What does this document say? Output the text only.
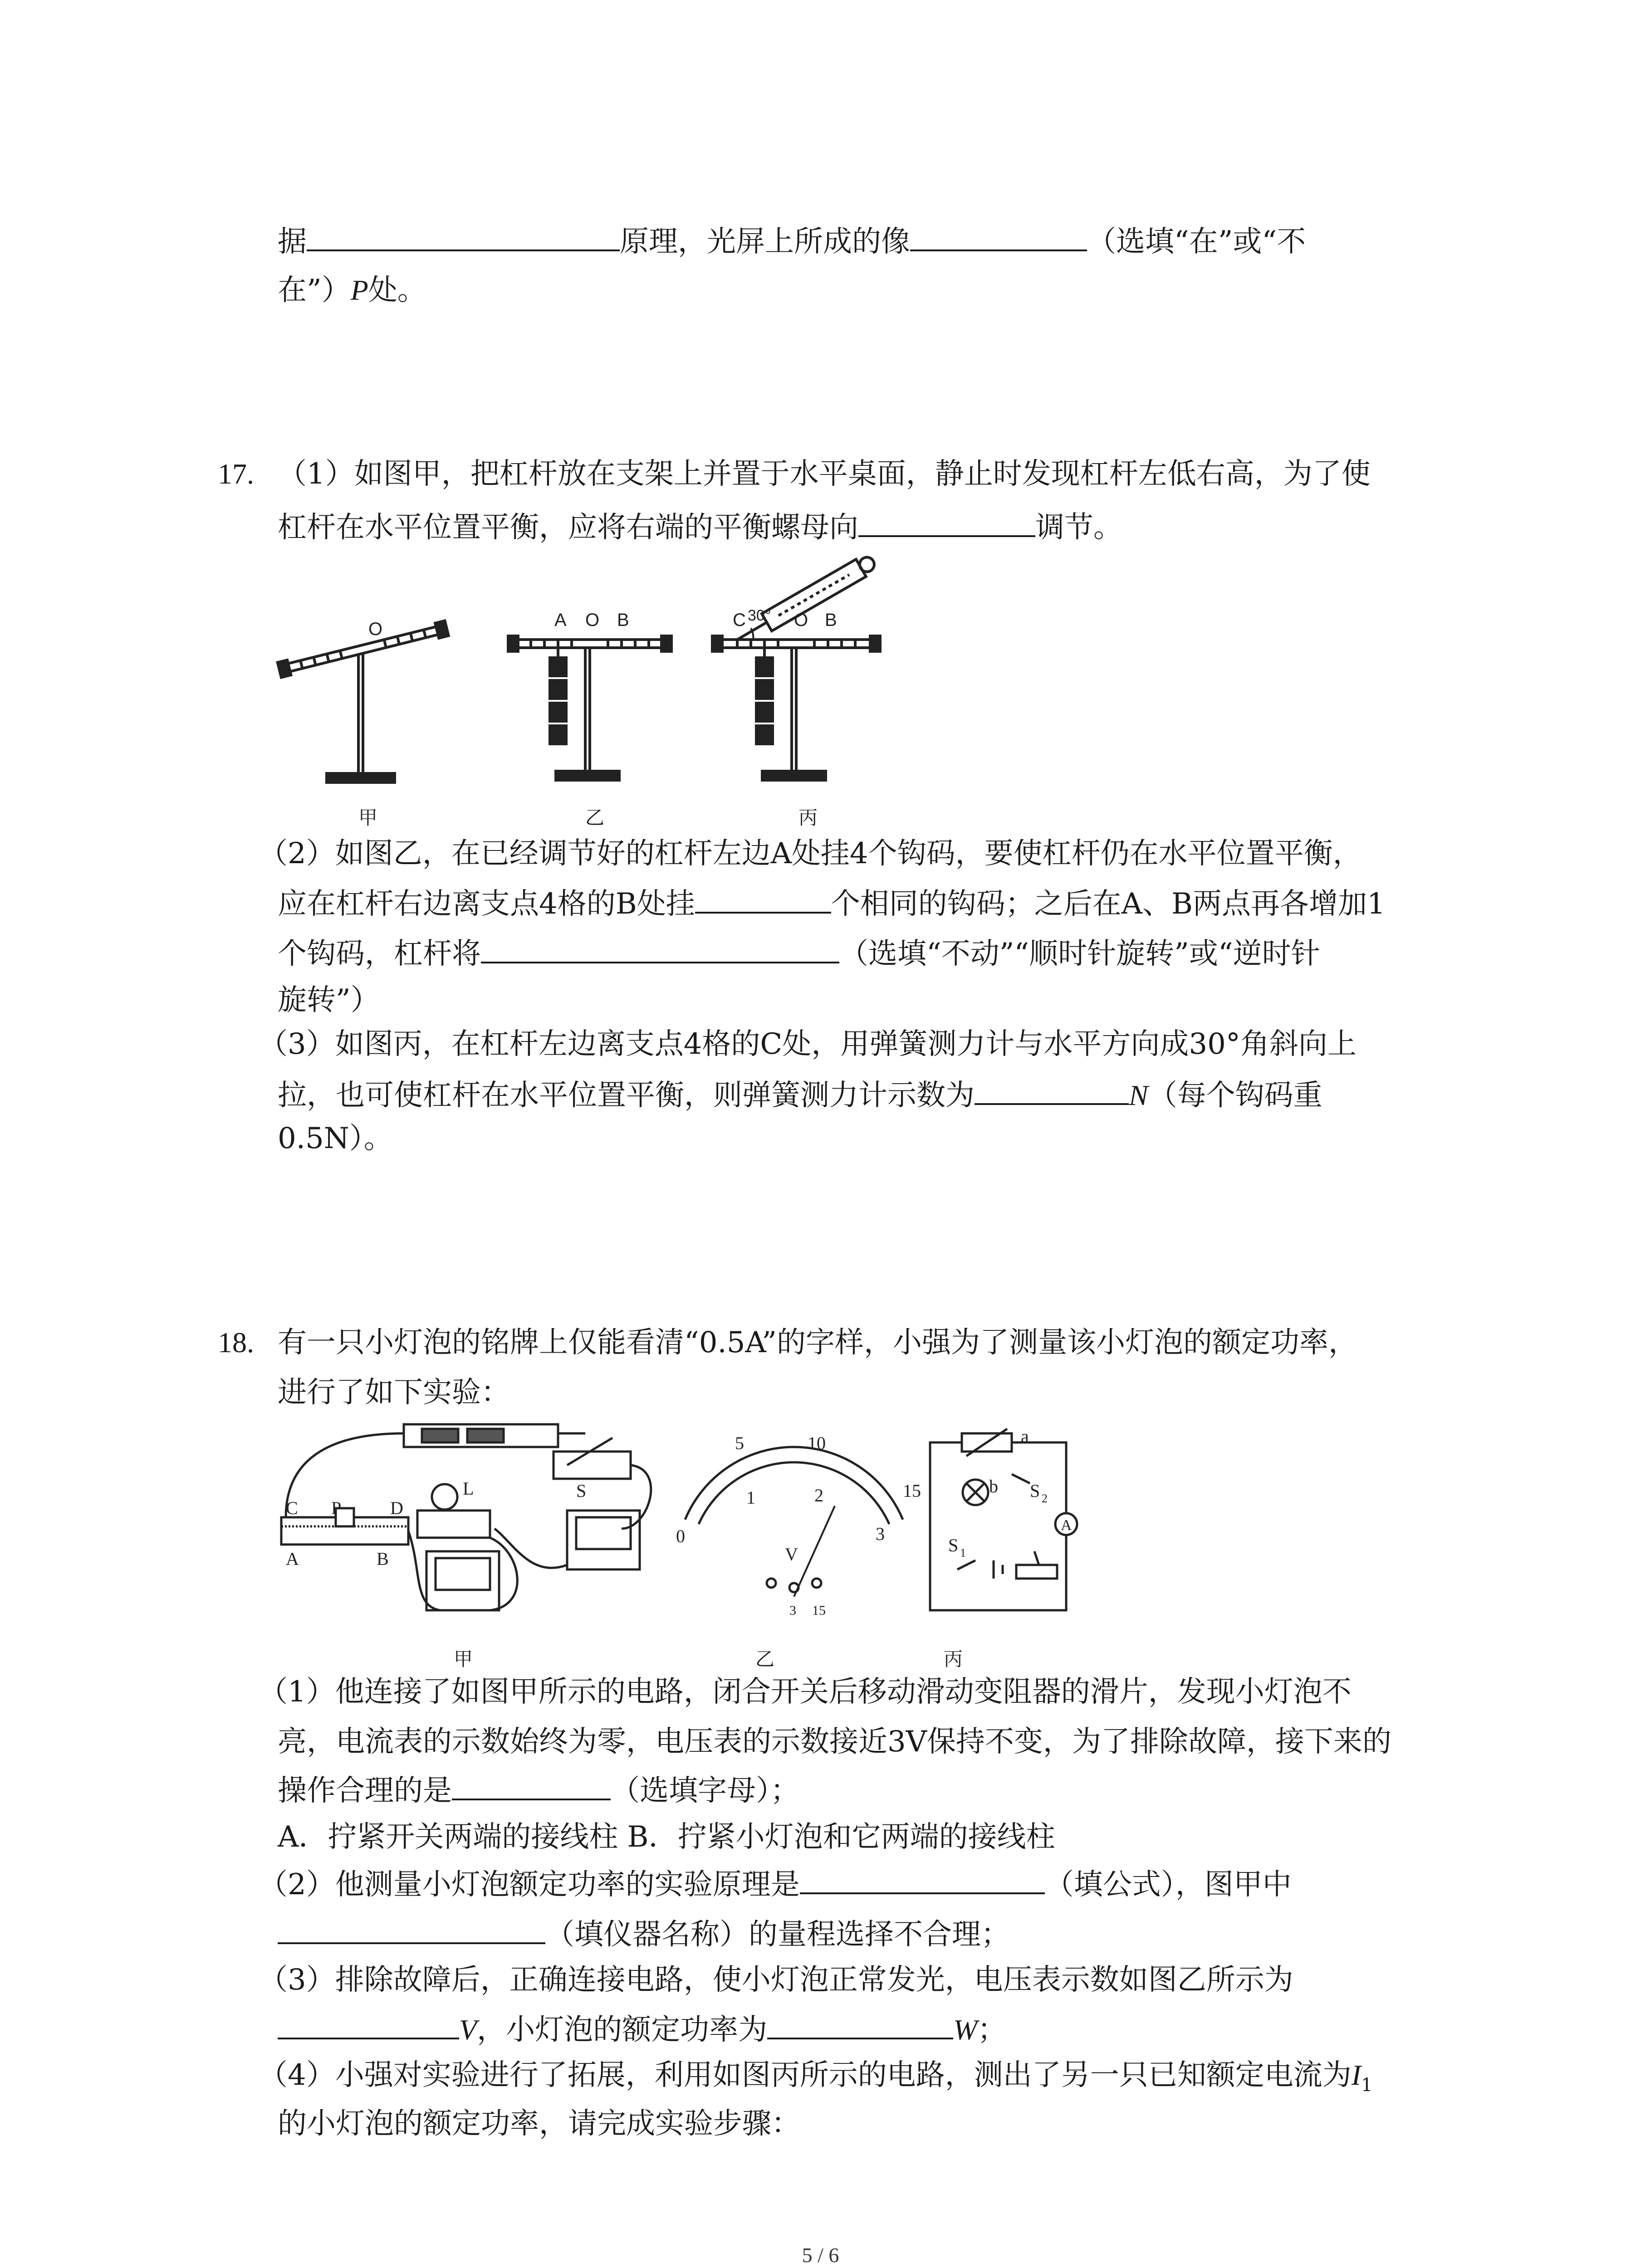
据	原理，光屏上所成的像	（选填“在”或“不
在”）P处。
17. （1）如图甲，把杠杆放在支架上并置于水平桌面，静止时发现杠杆左低右高，为了使
杠杆在水平位置平衡，应将右端的平衡螺母向	调节。
O	A O B	C 30° O B
甲	乙	丙
（2）如图乙，在已经调节好的杠杆左边A处挂4个钩码，要使杠杆仍在水平位置平衡，
应在杠杆右边离支点4格的B处挂	个相同的钩码；之后在A、B两点再各增加1
个钩码，杠杆将	（选填“不动”“顺时针旋转”或“逆时针
旋转”）
（3）如图丙，在杠杆左边离支点4格的C处，用弹簧测力计与水平方向成30°角斜向上
拉，也可使杠杆在水平位置平衡，则弹簧测力计示数为	N（每个钩码重
0.5N）。
18. 有一只小灯泡的铭牌上仅能看清“0.5A”的字样，小强为了测量该小灯泡的额定功率，
进行了如下实验：
C P	D
A	B
L	S
5	10
1	2	15
0	3
V
3 15
a
b S 2
S 1
A
甲	乙	丙
（1）他连接了如图甲所示的电路，闭合开关后移动滑动变阻器的滑片，发现小灯泡不
亮，电流表的示数始终为零，电压表的示数接近3V保持不变，为了排除故障，接下来的
操作合理的是	（选填字母）；
A．拧紧开关两端的接线柱 B．拧紧小灯泡和它两端的接线柱
（2）他测量小灯泡额定功率的实验原理是	（填公式），图甲中
（填仪器名称）的量程选择不合理；
（3）排除故障后，正确连接电路，使小灯泡正常发光，电压表示数如图乙所示为
V，小灯泡的额定功率为	W；
（4）小强对实验进行了拓展，利用如图丙所示的电路，测出了另一只已知额定电流为$I_1$
的小灯泡的额定功率，请完成实验步骤：
5 / 6
